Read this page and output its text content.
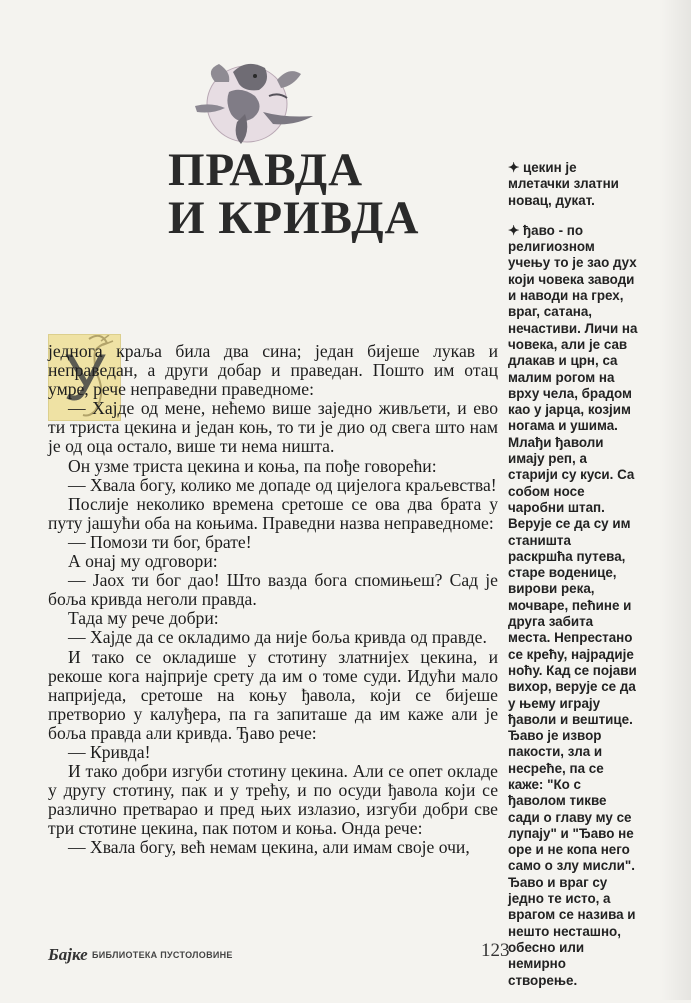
ПРАВДА
И КРИВДА
У

једнога краља била два сина; један бијеше лукав и неправедан, а други добар и праведан. Пошто им отац умре, рече неправедни праведноме:

— Хајде од мене, нећемо више заједно живљети, и ево ти триста цекина и један коњ, то ти је дио од свега што нам је од оца остало, више ти нема ништа.

Он узме триста цекина и коња, па пође говорећи:

— Хвала богу, колико ме допаде од цијелога краљевства!

Послије неколико времена сретоше се ова два брата у путу јашући оба на коњима. Праведни назва неправедноме:

— Помози ти бог, брате!

А онај му одговори:

— Јаох ти бог дао! Што вазда бога спомињеш? Сад је боља кривда неголи правда.

Тада му рече добри:

— Хајде да се окладимо да није боља кривда од правде.

И тако се окладише у стотину златнијех цекина, и рекоше кога најприје срету да им о томе суди. Идући мало наприједа, сретоше на коњу ђавола, који се бијеше претворио у калуђера, па га запиташе да им каже али је боља правда али кривда. Ђаво рече:

— Кривда!

И тако добри изгуби стотину цекина. Али се опет окладе у другу стотину, пак и у трећу, и по осуди ђавола који се различно претварао и пред њих излазио, изгуби добри све три стотине цекина, пак потом и коња. Онда рече:

— Хвала богу, већ немам цекина, али имам своје очи,

✦ цекин је млетачки златни новац, дукат.

✦ ђаво - по религиозном учењу то је зао дух који човека заводи и наводи на грех, враг, сатана, нечастиви. Личи на човека, али је сав длакав и црн, са малим рогом на врху чела, брадом као у јарца, козјим ногама и ушима. Млађи ђаволи имају реп, а старији су куси. Са собом носе чаробни штап. Верује се да су им станишта раскршћа путева, старе воденице, вирови река, мочваре, пећине и друга забита места. Непрестано се крећу, најрадије ноћу. Кад се појави вихор, верује се да у њему играју ђаволи и вештице. Ђаво је извор пакости, зла и несреће, па се каже: "Ко с ђаволом тикве сади о главу му се лупају" и "Ђаво не оре и не копа него само о злу мисли". Ђаво и враг су једно те исто, а врагом се назива и нешто несташно, обесно или немирно створење.

Бајке БИБЛИОТЕКА ПУСТОЛОВИНЕ	123
